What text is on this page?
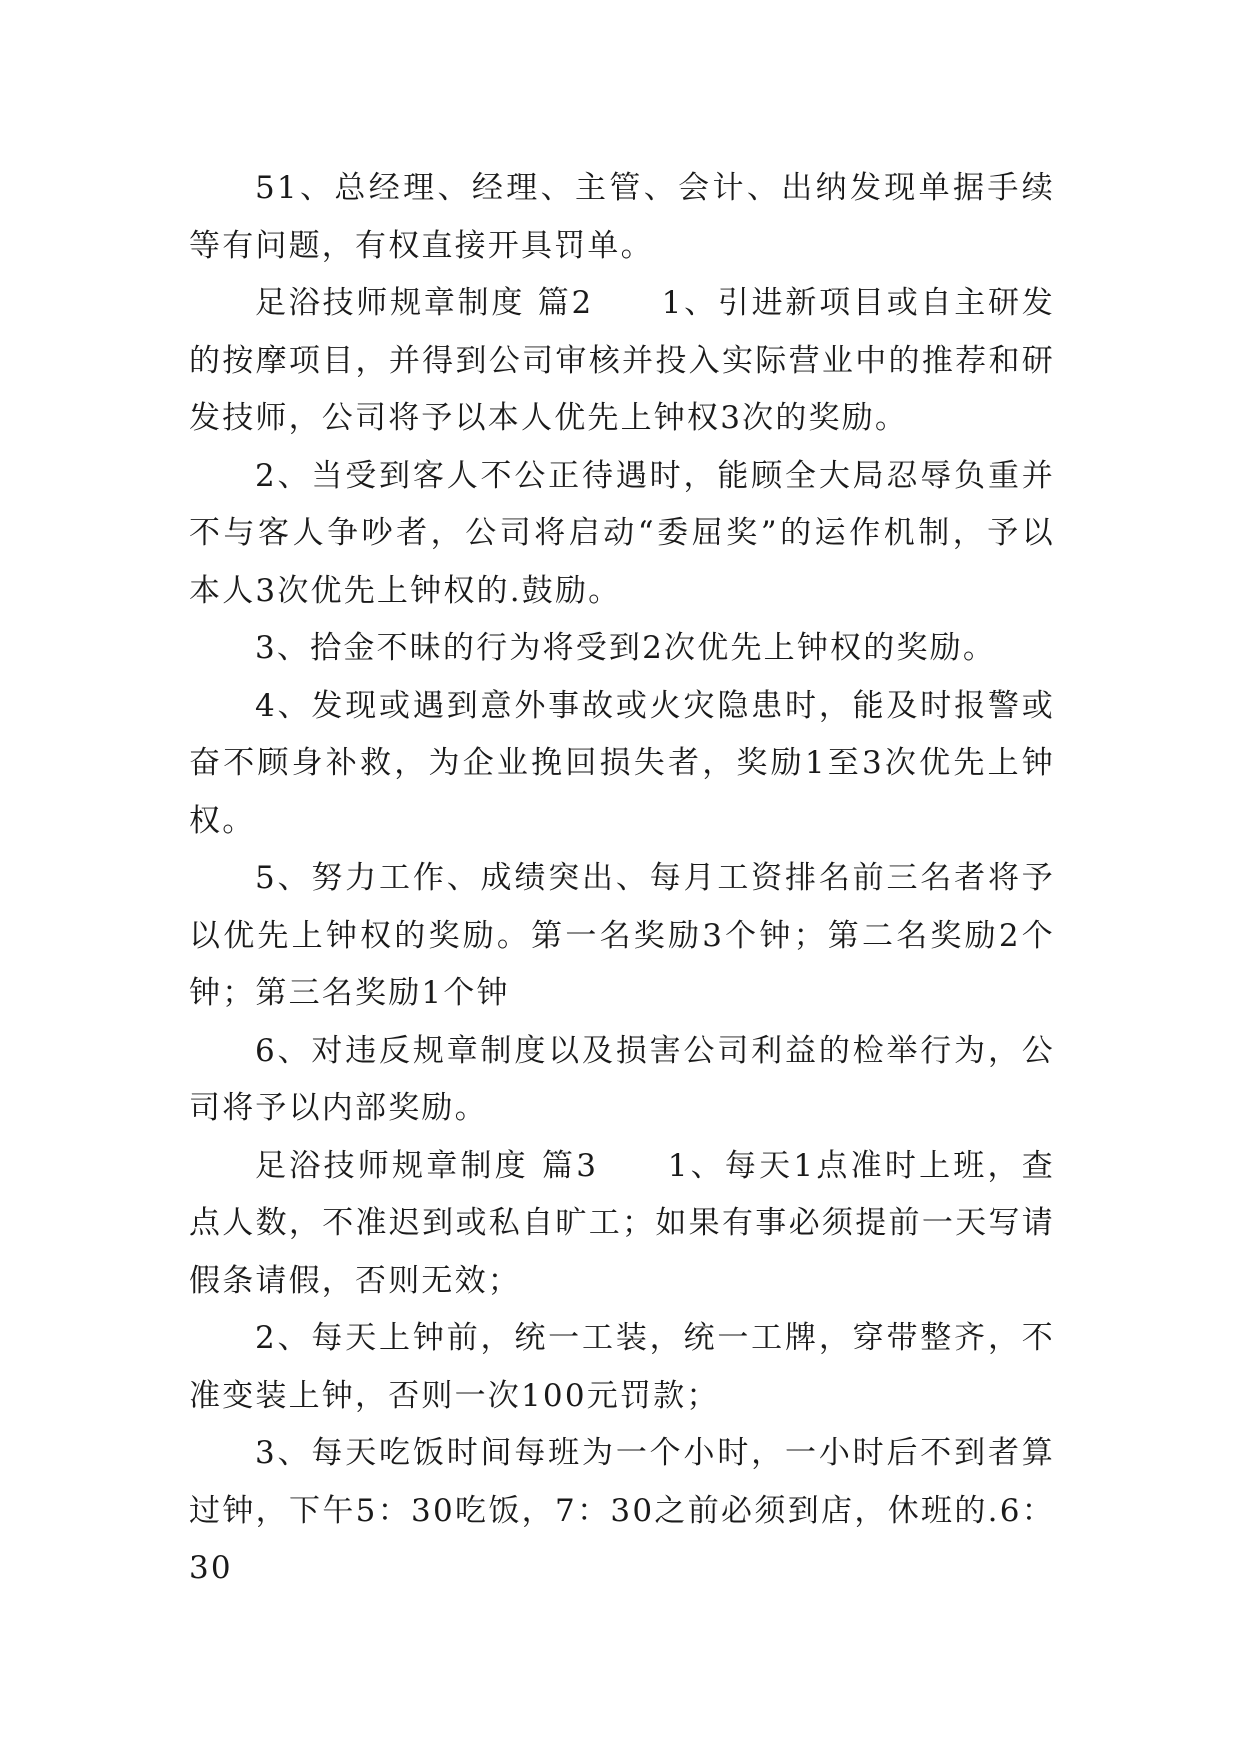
51、总经理、经理、主管、会计、出纳发现单据手续等有问题，有权直接开具罚单。

足浴技师规章制度 篇2　　1、引进新项目或自主研发的按摩项目，并得到公司审核并投入实际营业中的推荐和研发技师，公司将予以本人优先上钟权3次的奖励。

2、当受到客人不公正待遇时，能顾全大局忍辱负重并不与客人争吵者，公司将启动“委屈奖”的运作机制，予以本人3次优先上钟权的.鼓励。

3、拾金不昧的行为将受到2次优先上钟权的奖励。

4、发现或遇到意外事故或火灾隐患时，能及时报警或奋不顾身补救，为企业挽回损失者，奖励1至3次优先上钟权。

5、努力工作、成绩突出、每月工资排名前三名者将予以优先上钟权的奖励。第一名奖励3个钟；第二名奖励2个钟；第三名奖励1个钟

6、对违反规章制度以及损害公司利益的检举行为，公司将予以内部奖励。

足浴技师规章制度 篇3　　1、每天1点准时上班，查点人数，不准迟到或私自旷工；如果有事必须提前一天写请假条请假，否则无效；

2、每天上钟前，统一工装，统一工牌，穿带整齐，不准变装上钟，否则一次100元罚款；

3、每天吃饭时间每班为一个小时，一小时后不到者算过钟，下午5：30吃饭，7：30之前必须到店，休班的.6：30
